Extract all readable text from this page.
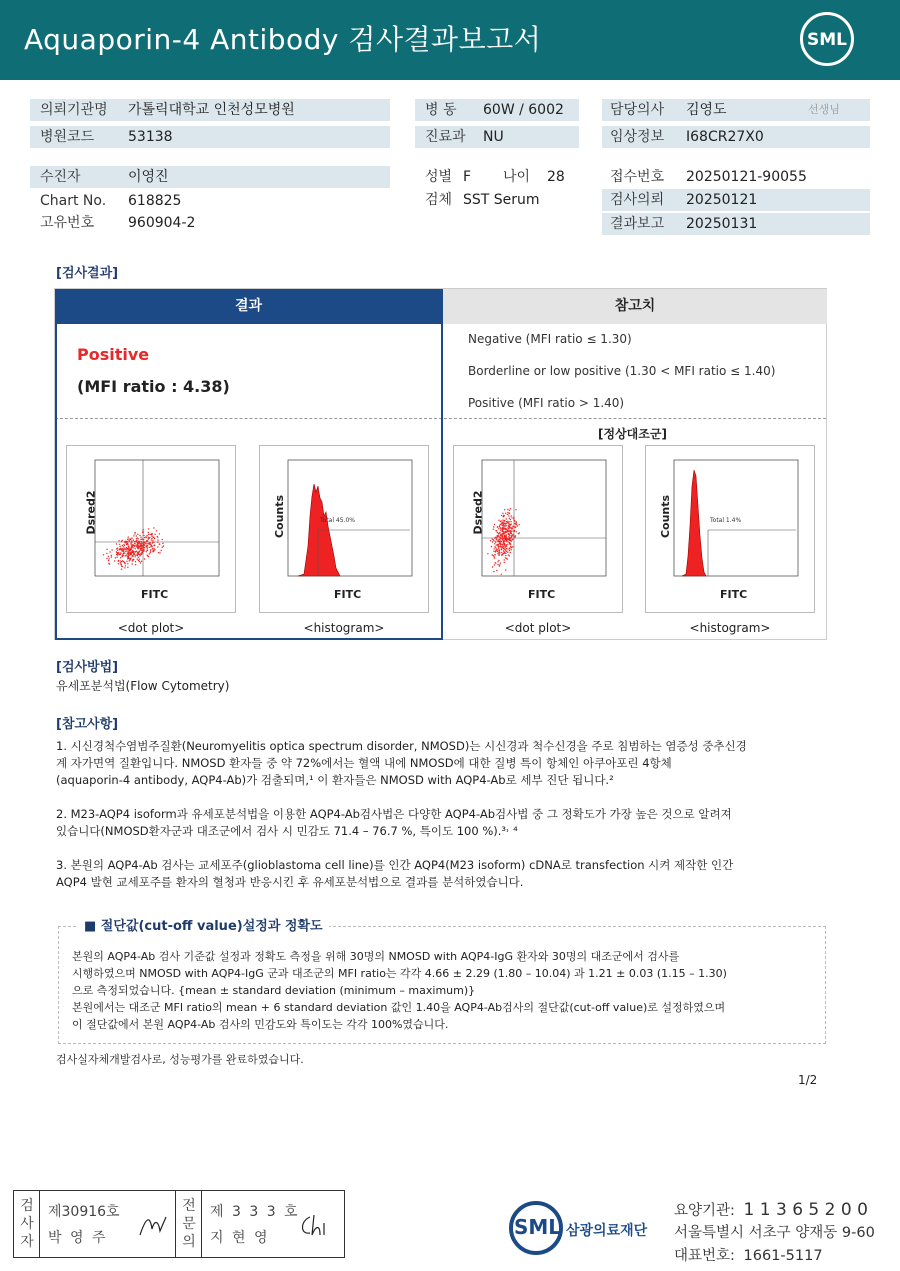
Aquaporin-4 Antibody 검사결과보고서	SML
의뢰기관명 가톨릭대학교 인천성모병원
병원코드 53138
병 동 60W / 6002
진료과 NU
담당의사 김영도	선생님
임상정보 I68CR27X0
수진자	이영진
Chart No. 618825
고유번호 960904-2
성별 F 나이 28
검체 SST Serum
접수번호 20250121-90055
검사의뢰 20250121
결과보고 20250131
[검사결과]
결과	참고치
Positive
(MFI ratio : 4.38)
Negative (MFI ratio ≤ 1.30)
Borderline or low positive (1.30 < MFI ratio ≤ 1.40)
Positive (MFI ratio > 1.40)
[정상대조군]
Dsred2
FITC
<dot plot>
Total 45.0%
Counts
FITC
<histogram>
Dsred2
FITC
<dot plot>
Total 1.4%
Counts
FITC
<histogram>
[검사방법]
유세포분석법(Flow Cytometry)
[참고사항]
1. 시신경척수염범주질환(Neuromyelitis optica spectrum disorder, NMOSD)는 시신경과 척수신경을 주로 침범하는 염증성 중추신경
계 자가면역 질환입니다. NMOSD 환자들 중 약 72%에서는 혈액 내에 NMOSD에 대한 질병 특이 항체인 아쿠아포린 4항체
(aquaporin-4 antibody, AQP4-Ab)가 검출되며,¹ 이 환자들은 NMOSD with AQP4-Ab로 세부 진단 됩니다.²
2. M23-AQP4 isoform과 유세포분석법을 이용한 AQP4-Ab검사법은 다양한 AQP4-Ab검사법 중 그 정확도가 가장 높은 것으로 알려져
있습니다(NMOSD환자군과 대조군에서 검사 시 민감도 71.4 – 76.7 %, 특이도 100 %).³˒ ⁴
3. 본원의 AQP4-Ab 검사는 교세포주(glioblastoma cell line)를 인간 AQP4(M23 isoform) cDNA로 transfection 시켜 제작한 인간
AQP4 발현 교세포주를 환자의 혈청과 반응시킨 후 유세포분석법으로 결과를 분석하였습니다.
■ 절단값(cut-off value)설정과 정확도
본원의 AQP4-Ab 검사 기준값 설정과 정확도 측정을 위해 30명의 NMOSD with AQP4-IgG 환자와 30명의 대조군에서 검사를
시행하였으며 NMOSD with AQP4-IgG 군과 대조군의 MFI ratio는 각각 4.66 ± 2.29 (1.80 – 10.04) 과 1.21 ± 0.03 (1.15 – 1.30)
으로 측정되었습니다. {mean ± standard deviation (minimum – maximum)}
본원에서는 대조군 MFI ratio의 mean + 6 standard deviation 값인 1.40을 AQP4-Ab검사의 절단값(cut-off value)로 설정하였으며
이 절단값에서 본원 AQP4-Ab 검사의 민감도와 특이도는 각각 100%였습니다.
검사실자체개발검사로, 성능평가를 완료하였습니다.
1/2
검
사
자
제30916호
박 영 주
전
문
의
제 3 3 3 호
지 현 영	SML 삼광의료재단
요양기관: 1 1 3 6 5 2 0 0
서울특별시 서초구 양재동 9-60
대표번호: 1661-5117
